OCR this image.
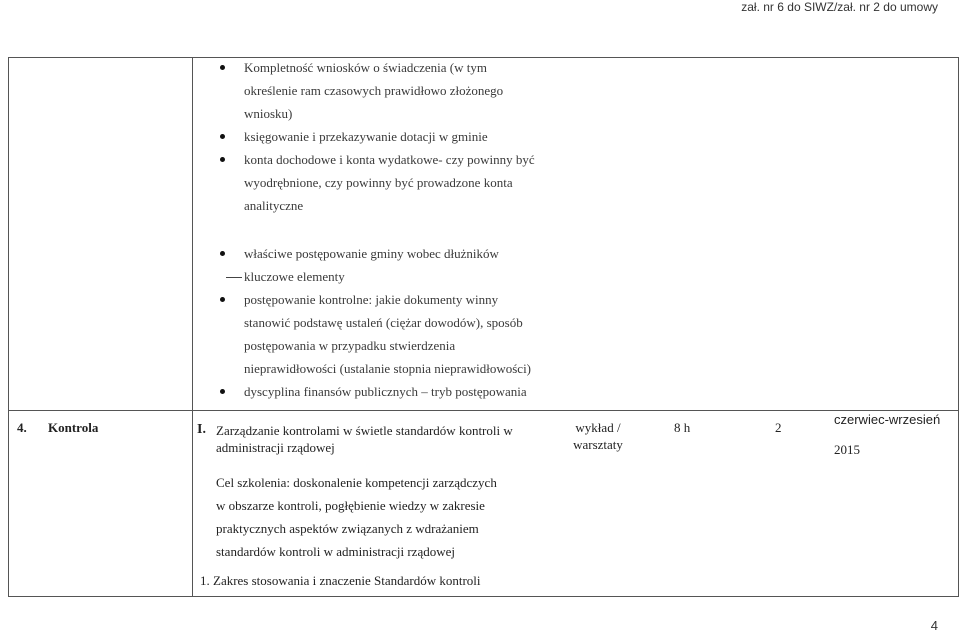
zał. nr 6 do SIWZ/zał. nr 2 do umowy
Kompletność wniosków o świadczenia (w tym
określenie ram czasowych prawidłowo złożonego
wniosku)
księgowanie i przekazywanie dotacji w gminie
konta dochodowe i konta wydatkowe- czy powinny być
wyodrębnione, czy powinny być prowadzone konta
analityczne
właściwe postępowanie gminy wobec dłużników
kluczowe elementy
postępowanie kontrolne: jakie dokumenty winny
stanowić podstawę ustaleń (ciężar dowodów), sposób
postępowania w przypadku stwierdzenia
nieprawidłowości (ustalanie stopnia nieprawidłowości)
dyscyplina finansów publicznych – tryb postępowania
4. Kontrola	I. Zarządzanie kontrolami w świetle standardów kontroli w administracji rządowej
wykład / warsztaty
8 h	2
czerwiec-wrzesień
2015
Cel szkolenia: doskonalenie kompetencji zarządczych
w obszarze kontroli, pogłębienie wiedzy w zakresie
praktycznych aspektów związanych z wdrażaniem
standardów kontroli w administracji rządowej
1. Zakres stosowania i znaczenie Standardów kontroli
4
